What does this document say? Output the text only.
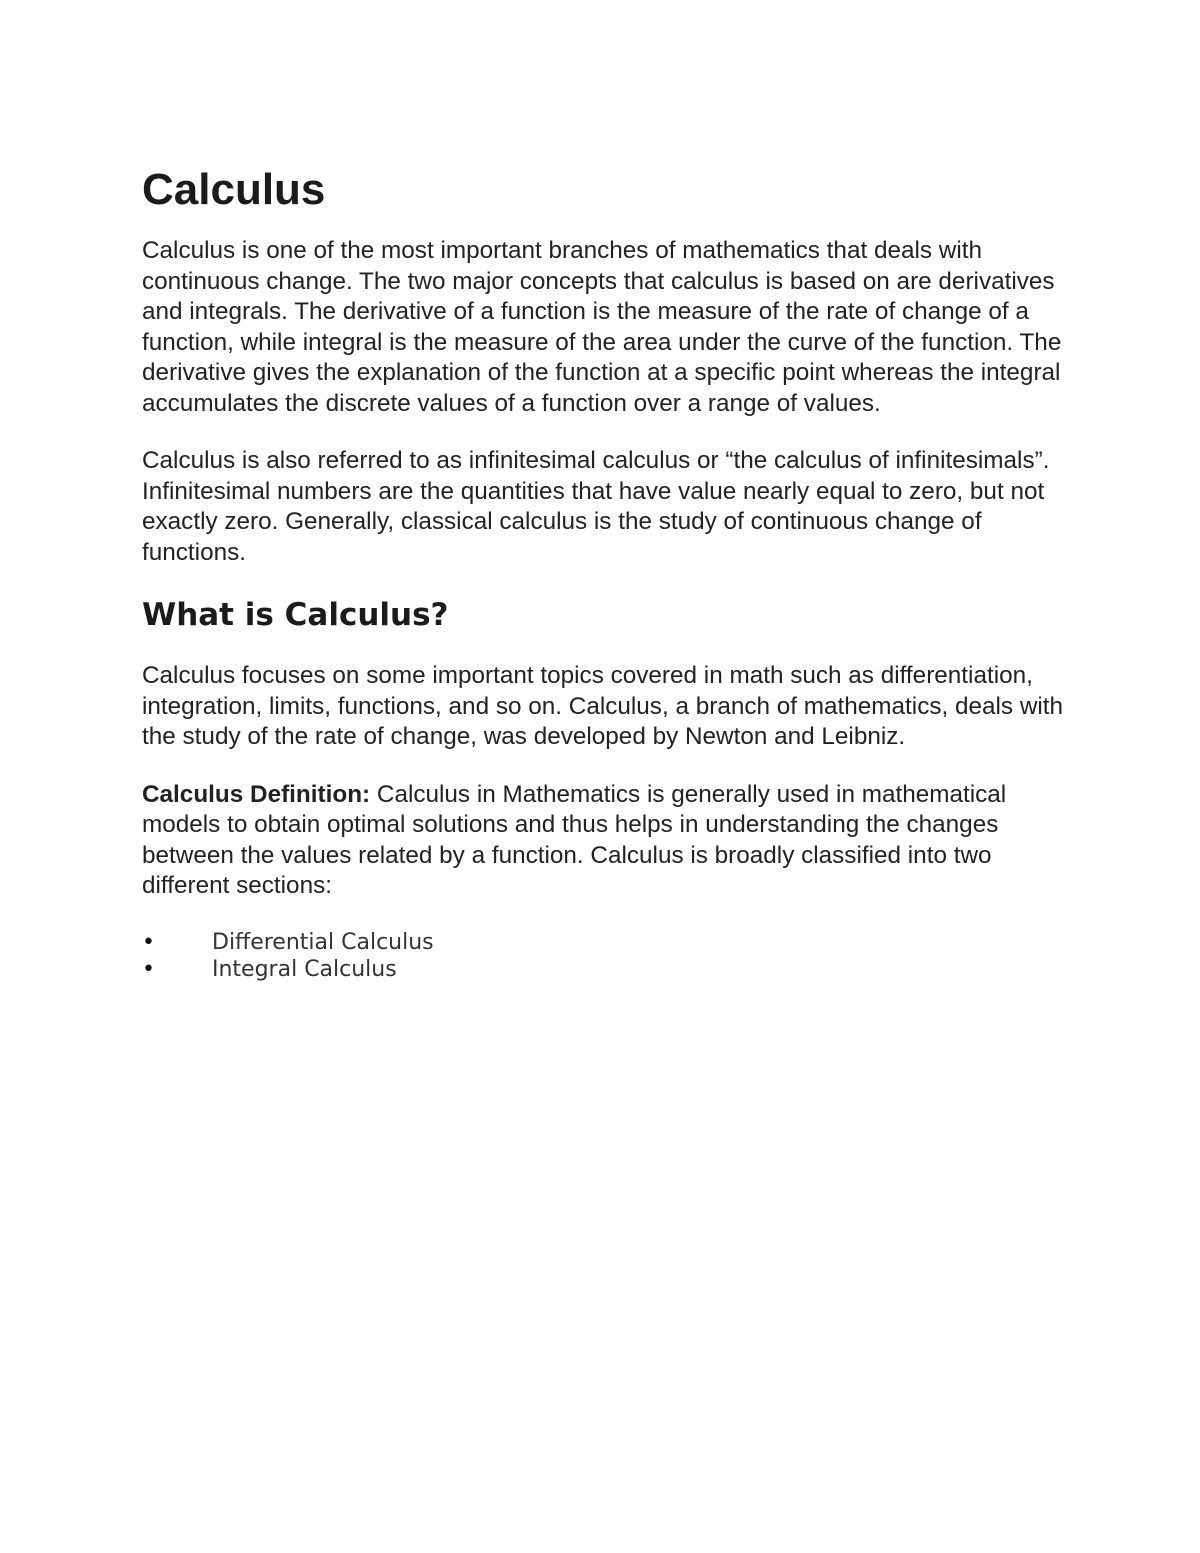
Calculus

Calculus is one of the most important branches of mathematics that deals with continuous change. The two major concepts that calculus is based on are derivatives and integrals. The derivative of a function is the measure of the rate of change of a function, while integral is the measure of the area under the curve of the function. The derivative gives the explanation of the function at a specific point whereas the integral accumulates the discrete values of a function over a range of values.

Calculus is also referred to as infinitesimal calculus or “the calculus of infinitesimals”. Infinitesimal numbers are the quantities that have value nearly equal to zero, but not exactly zero. Generally, classical calculus is the study of continuous change of functions.

What is Calculus?

Calculus focuses on some important topics covered in math such as differentiation, integration, limits, functions, and so on. Calculus, a branch of mathematics, deals with the study of the rate of change, was developed by Newton and Leibniz.

Calculus Definition: Calculus in Mathematics is generally used in mathematical models to obtain optimal solutions and thus helps in understanding the changes between the values related by a function. Calculus is broadly classified into two different sections:

•	Differential Calculus
•	Integral Calculus
